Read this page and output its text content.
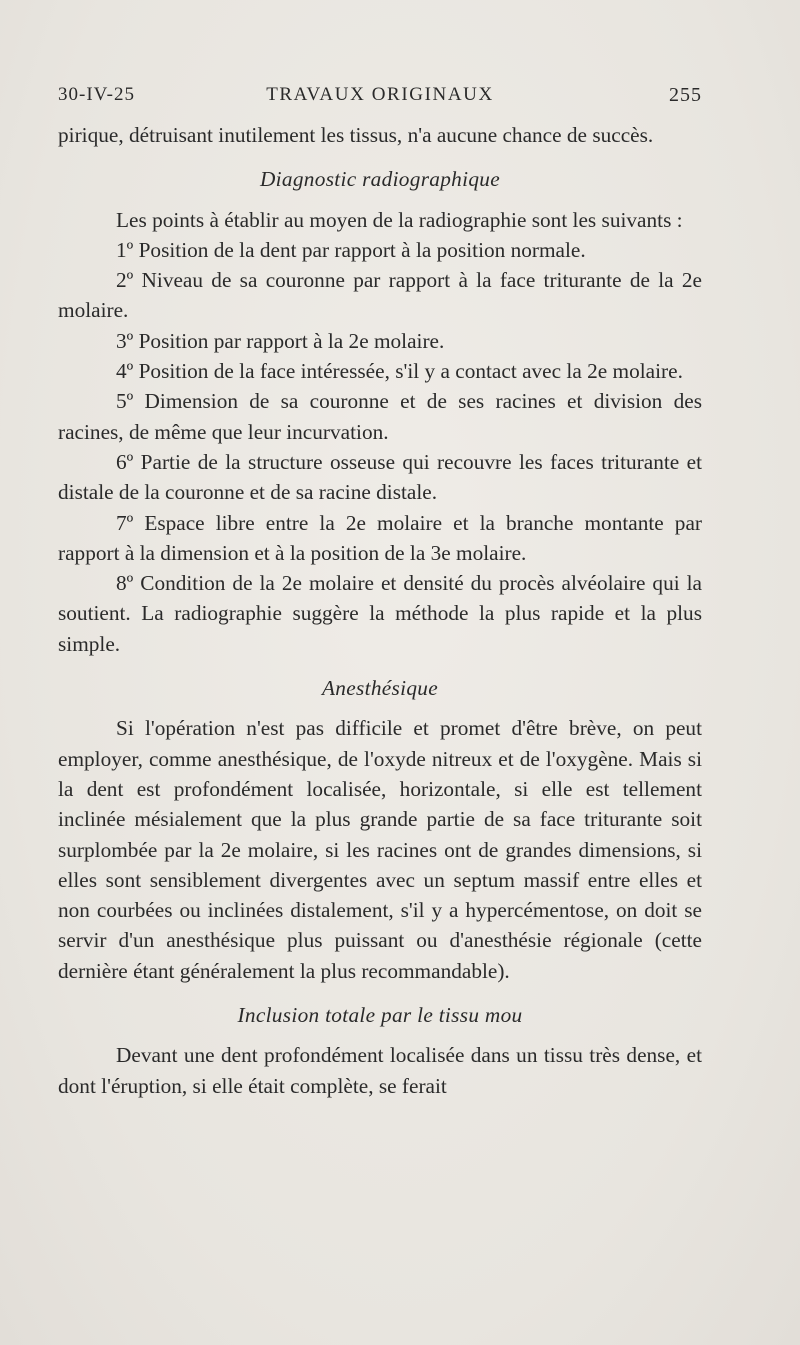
30-IV-25	TRAVAUX ORIGINAUX	255

pirique, détruisant inutilement les tissus, n'a aucune chance de succès.

Diagnostic radiographique

Les points à établir au moyen de la radiographie sont les suivants :

1º Position de la dent par rapport à la position normale.

2º Niveau de sa couronne par rapport à la face triturante de la 2e molaire.

3º Position par rapport à la 2e molaire.

4º Position de la face intéressée, s'il y a contact avec la 2e molaire.

5º Dimension de sa couronne et de ses racines et division des racines, de même que leur incurvation.

6º Partie de la structure osseuse qui recouvre les faces triturante et distale de la couronne et de sa racine distale.

7º Espace libre entre la 2e molaire et la branche montante par rapport à la dimension et à la position de la 3e molaire.

8º Condition de la 2e molaire et densité du procès alvéolaire qui la soutient. La radiographie suggère la méthode la plus rapide et la plus simple.

Anesthésique

Si l'opération n'est pas difficile et promet d'être brève, on peut employer, comme anesthésique, de l'oxyde nitreux et de l'oxygène. Mais si la dent est profondément localisée, horizontale, si elle est tellement inclinée mésialement que la plus grande partie de sa face triturante soit surplombée par la 2e molaire, si les racines ont de grandes dimensions, si elles sont sensiblement divergentes avec un septum massif entre elles et non courbées ou inclinées distalement, s'il y a hypercémentose, on doit se servir d'un anesthésique plus puissant ou d'anesthésie régionale (cette dernière étant généralement la plus recommandable).

Inclusion totale par le tissu mou

Devant une dent profondément localisée dans un tissu très dense, et dont l'éruption, si elle était complète, se ferait
